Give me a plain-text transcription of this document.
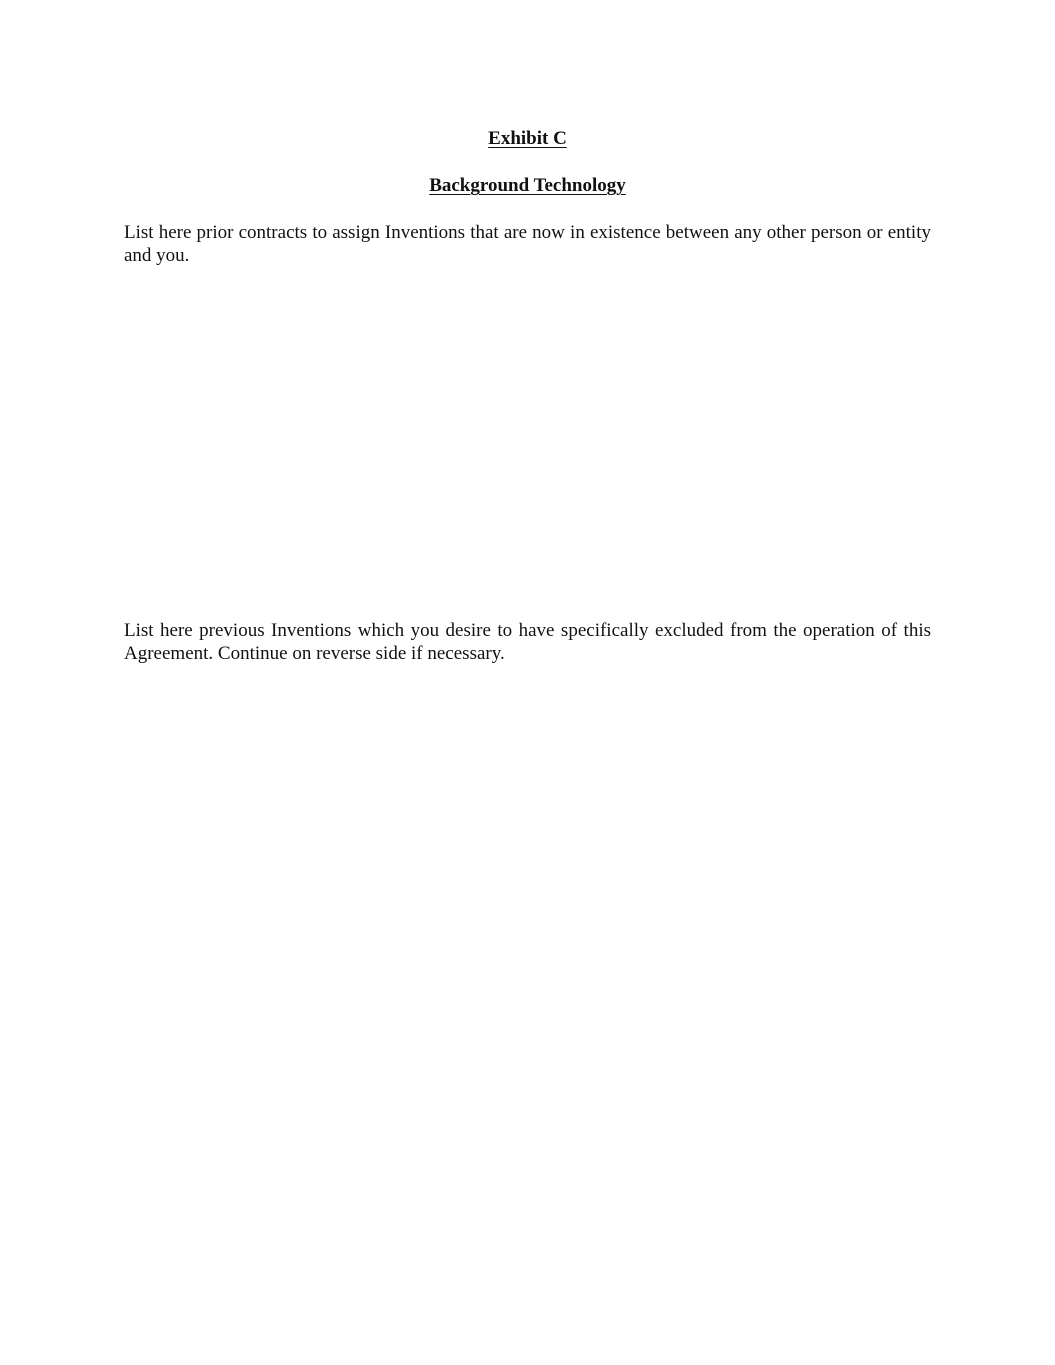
Exhibit C
Background Technology

List here prior contracts to assign Inventions that are now in existence between any other person or entity and you.

List here previous Inventions which you desire to have specifically excluded from the operation of this Agreement. Continue on reverse side if necessary.
